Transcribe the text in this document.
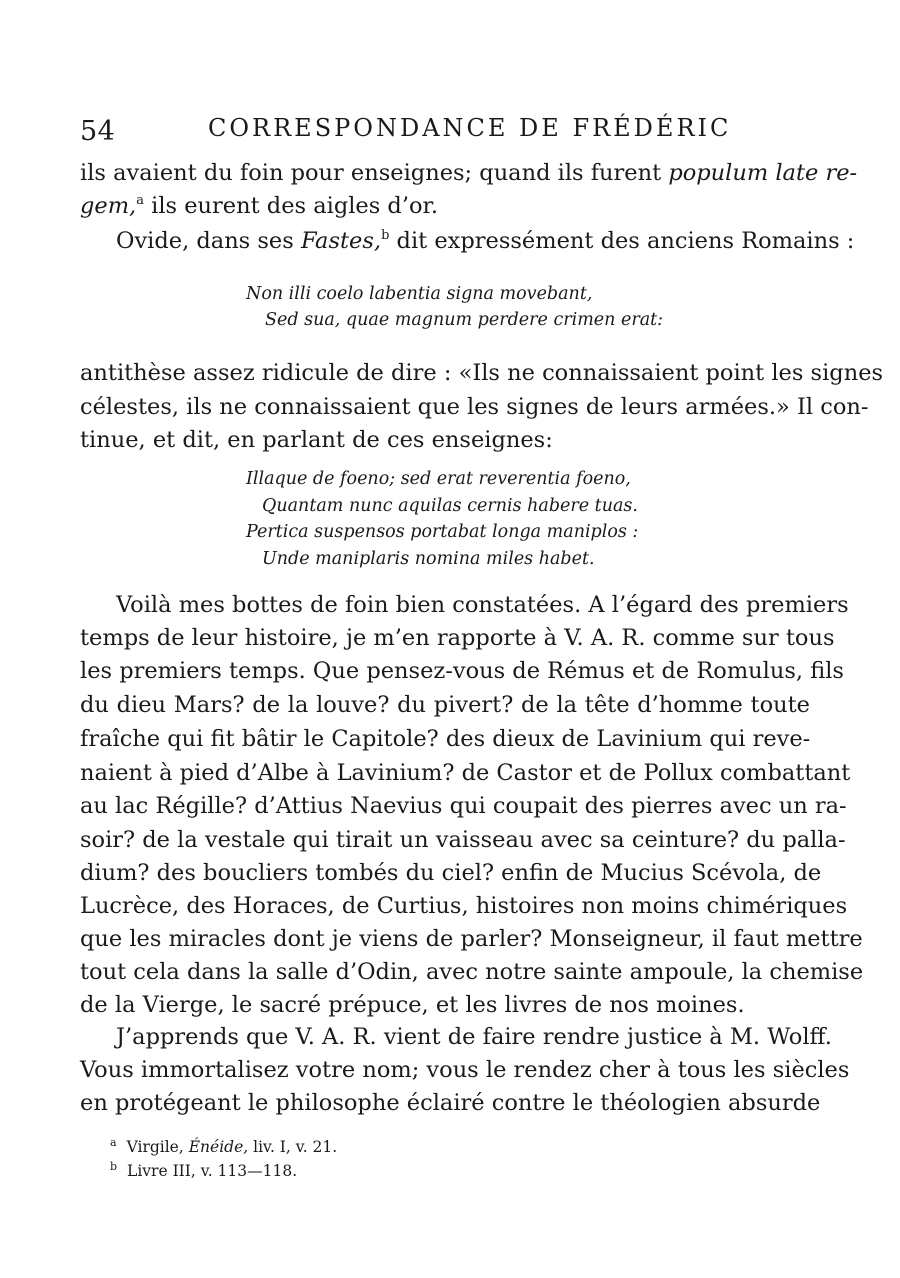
54	CORRESPONDANCE DE FRÉDÉRIC
ils avaient du foin pour enseignes; quand ils furent populum late re-
gem,$^a$ ils eurent des aigles d’or.
Ovide, dans ses Fastes,$^b$ dit expressément des anciens Romains :
Non illi coelo labentia signa movebant,
Sed sua, quae magnum perdere crimen erat:
antithèse assez ridicule de dire : «Ils ne connaissaient point les signes
célestes, ils ne connaissaient que les signes de leurs armées.» Il con-
tinue, et dit, en parlant de ces enseignes:
Illaque de foeno; sed erat reverentia foeno,
Quantam nunc aquilas cernis habere tuas.
Pertica suspensos portabat longa maniplos :
Unde maniplaris nomina miles habet.
Voilà mes bottes de foin bien constatées. A l’égard des premiers
temps de leur histoire, je m’en rapporte à V. A. R. comme sur tous
les premiers temps. Que pensez-vous de Rémus et de Romulus, fils
du dieu Mars? de la louve? du pivert? de la tête d’homme toute
fraîche qui fit bâtir le Capitole? des dieux de Lavinium qui reve-
naient à pied d’Albe à Lavinium? de Castor et de Pollux combattant
au lac Régille? d’Attius Naevius qui coupait des pierres avec un ra-
soir? de la vestale qui tirait un vaisseau avec sa ceinture? du palla-
dium? des boucliers tombés du ciel? enfin de Mucius Scévola, de
Lucrèce, des Horaces, de Curtius, histoires non moins chimériques
que les miracles dont je viens de parler? Monseigneur, il faut mettre
tout cela dans la salle d’Odin, avec notre sainte ampoule, la chemise
de la Vierge, le sacré prépuce, et les livres de nos moines.
J’apprends que V. A. R. vient de faire rendre justice à M. Wolff.
Vous immortalisez votre nom; vous le rendez cher à tous les siècles
en protégeant le philosophe éclairé contre le théologien absurde
$^a$ Virgile, Énéide, liv. I, v. 21.
$^b$ Livre III, v. 113—118.
